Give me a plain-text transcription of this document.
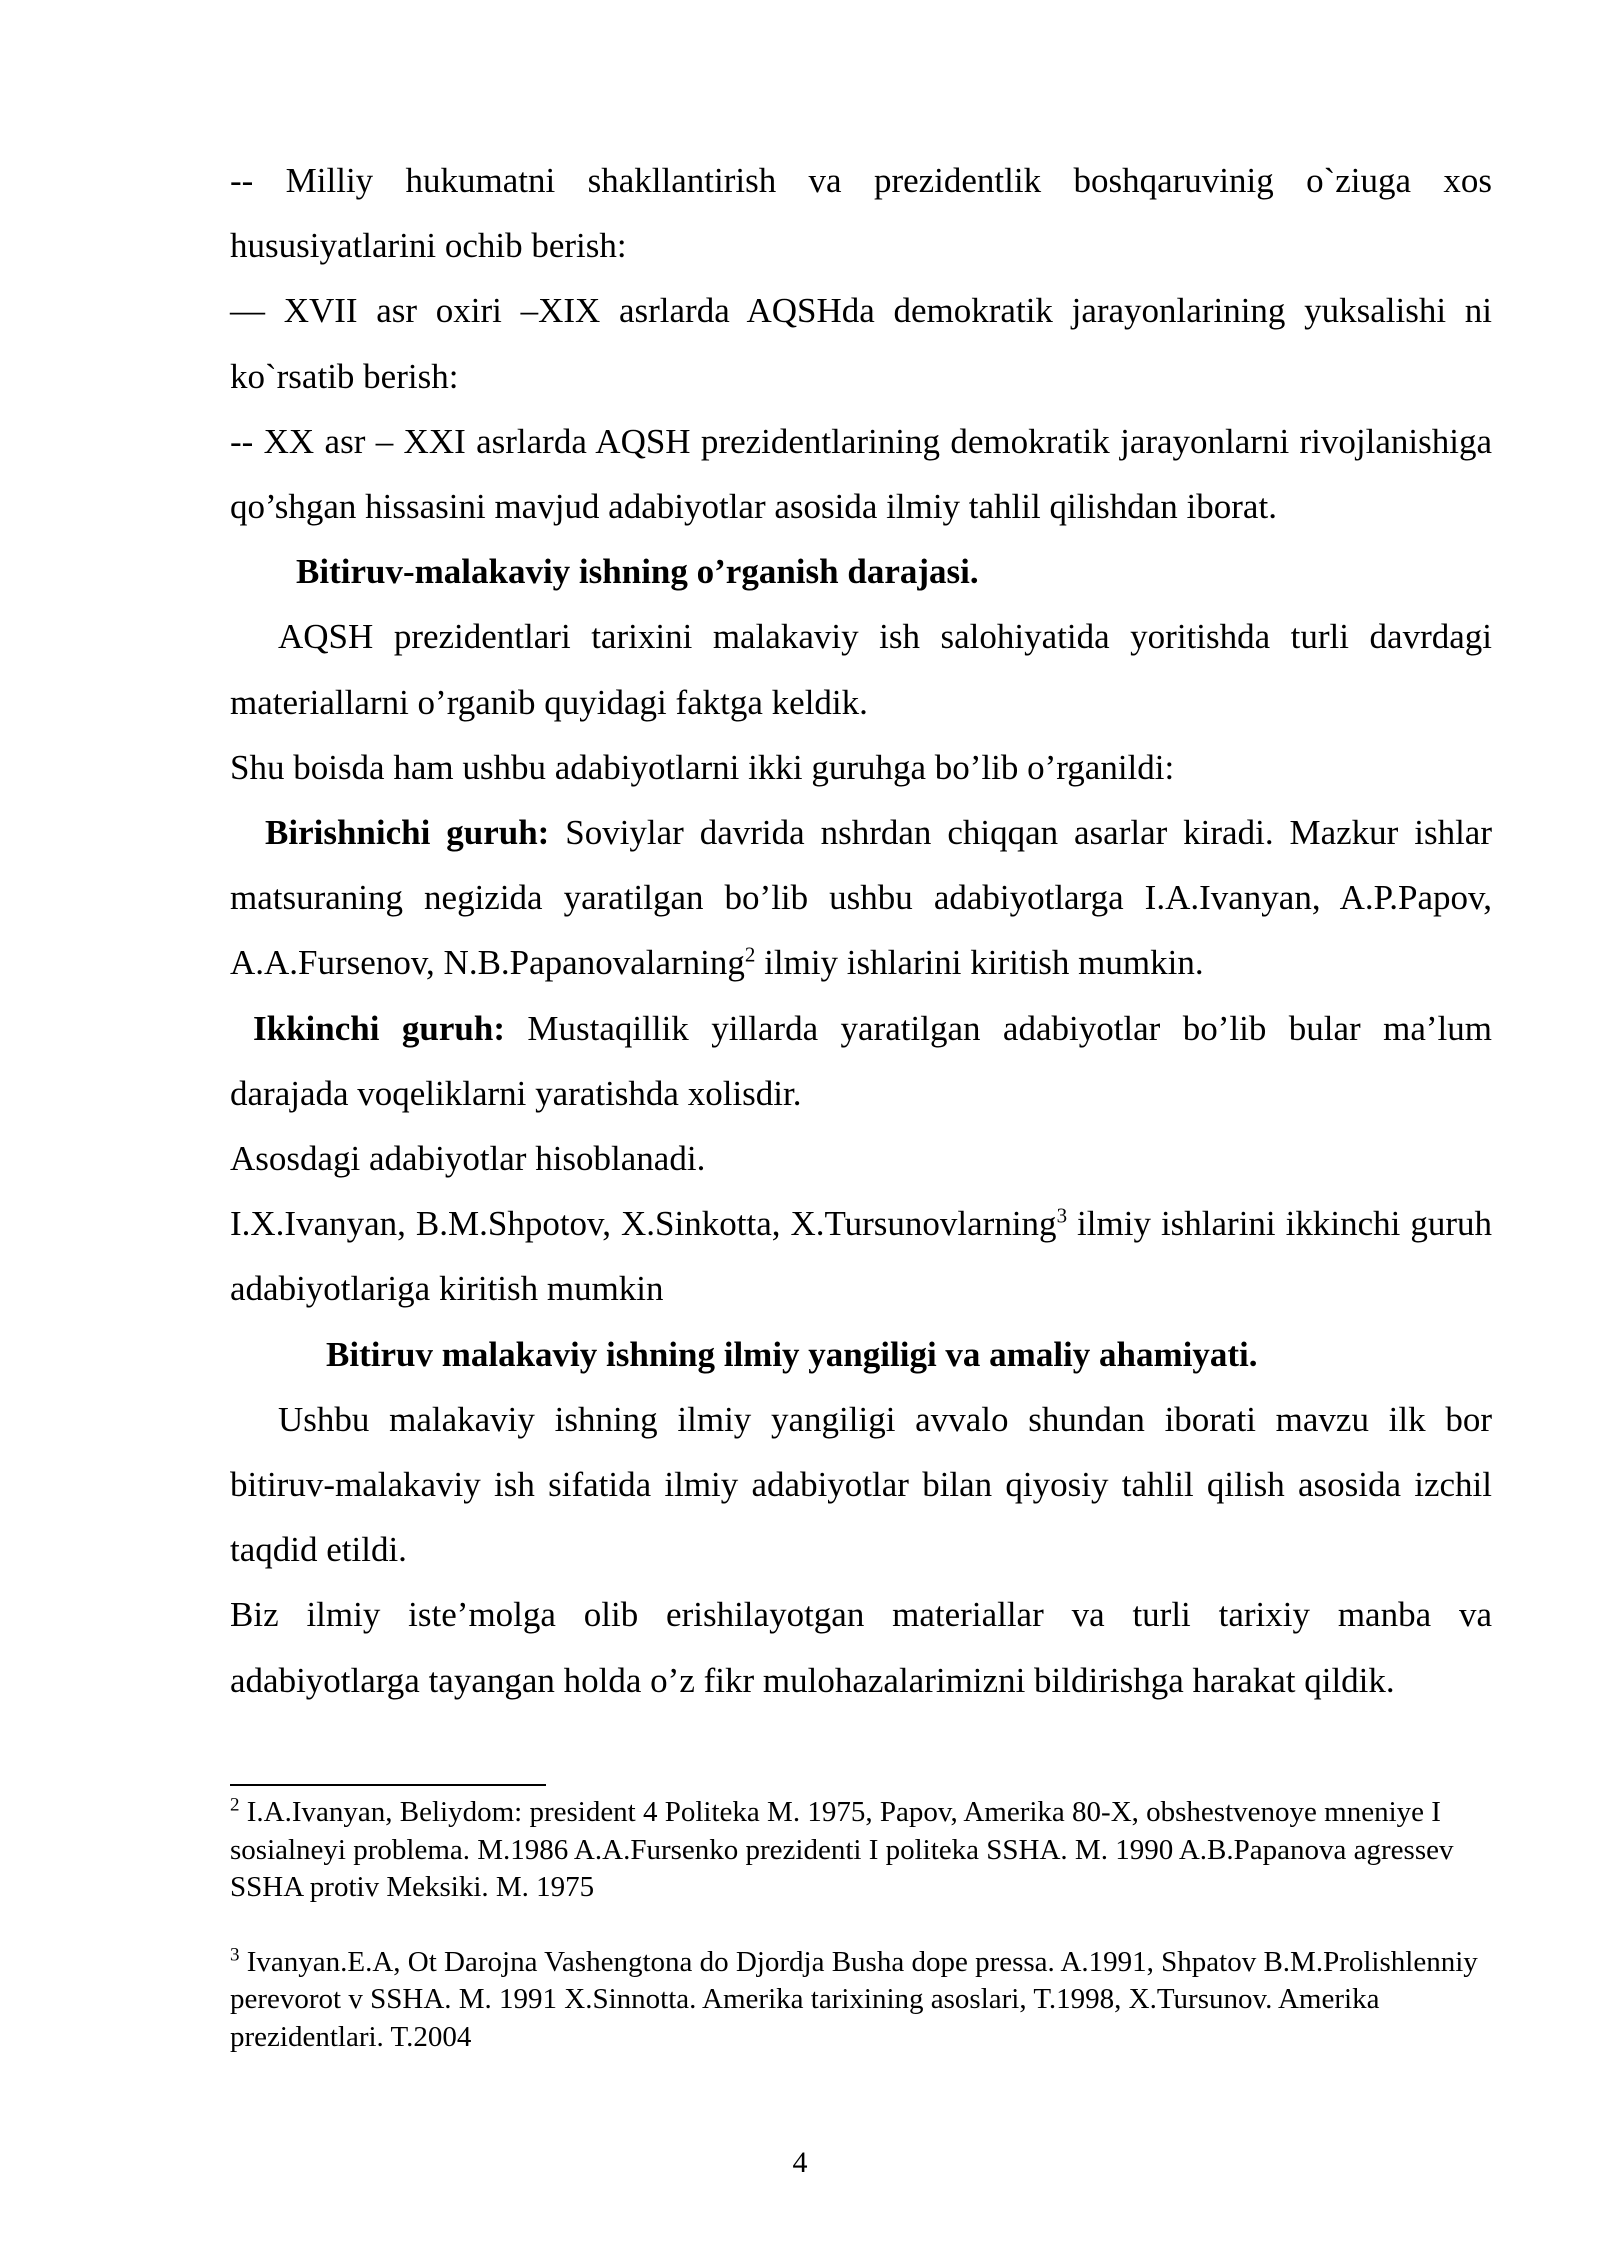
-- Milliy hukumatni shakllantirish va prezidentlik boshqaruvinig o`ziuga xos hususiyatlarini ochib berish:

— XVII asr oxiri –XIX asrlarda AQSHda demokratik jarayonlarining yuksalishi ni ko`rsatib berish:

-- XX asr – XXI asrlarda AQSH prezidentlarining demokratik jarayonlarni rivojlanishiga qo’shgan hissasini mavjud adabiyotlar asosida ilmiy tahlil qilishdan iborat.

Bitiruv-malakaviy ishning o’rganish darajasi.

AQSH prezidentlari tarixini malakaviy ish salohiyatida yoritishda turli davrdagi materiallarni o’rganib quyidagi faktga keldik.

Shu boisda ham ushbu adabiyotlarni ikki guruhga bo’lib o’rganildi:

Birishnichi guruh: Soviylar davrida nshrdan chiqqan asarlar kiradi. Mazkur ishlar matsuraning negizida yaratilgan bo’lib ushbu adabiyotlarga I.A.Ivanyan, A.P.Papov, A.A.Fursenov, N.B.Papanovalarning$^2$ ilmiy ishlarini kiritish mumkin.

Ikkinchi guruh: Mustaqillik yillarda yaratilgan adabiyotlar bo’lib bular ma’lum darajada voqeliklarni yaratishda xolisdir.

Asosdagi adabiyotlar hisoblanadi.

I.X.Ivanyan, B.M.Shpotov, X.Sinkotta, X.Tursunovlarning$^3$ ilmiy ishlarini ikkinchi guruh adabiyotlariga kiritish mumkin

Bitiruv malakaviy ishning ilmiy yangiligi va amaliy ahamiyati.

Ushbu malakaviy ishning ilmiy yangiligi avvalo shundan iborati mavzu ilk bor bitiruv-malakaviy ish sifatida ilmiy adabiyotlar bilan qiyosiy tahlil qilish asosida izchil taqdid etildi.

Biz ilmiy iste’molga olib erishilayotgan materiallar va turli tarixiy manba va adabiyotlarga tayangan holda o’z fikr mulohazalarimizni bildirishga harakat qildik.

$^2$ I.A.Ivanyan, Beliydom: president 4 Politeka M. 1975, Papov, Amerika 80-X, obshestvenoye mneniye I sosialneyi problema. M.1986 A.A.Fursenko prezidenti I politeka SSHA. M. 1990 A.B.Papanova agressev SSHA protiv Meksiki. M. 1975

$^3$ Ivanyan.E.A, Ot Darojna Vashengtona do Djordja Busha dope pressa. A.1991, Shpatov B.M.Prolishlenniy perevorot v SSHA. M. 1991 X.Sinnotta. Amerika tarixining asoslari, T.1998, X.Tursunov. Amerika prezidentlari. T.2004

4
